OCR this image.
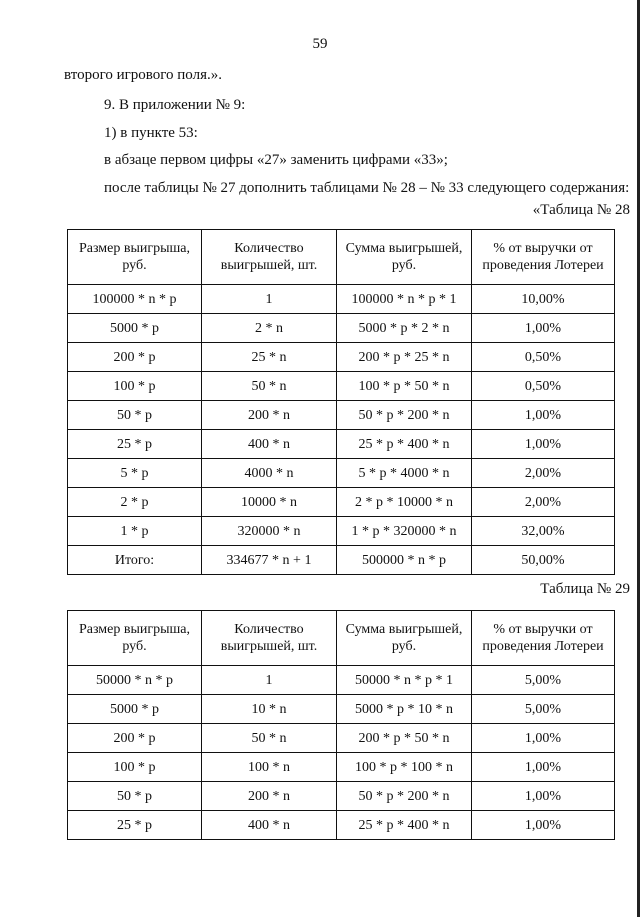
59
второго игрового поля.».
9. В приложении № 9:
1) в пункте 53:
в абзаце первом цифры «27» заменить цифрами «33»;
после таблицы № 27 дополнить таблицами № 28 – № 33 следующего содержания:
«Таблица № 28
Размер выигрыша, руб.	Количество выигрышей, шт.	Сумма выигрышей, руб.	% от выручки от проведения Лотереи
100000 * n * p	1	100000 * n * p * 1	10,00%
5000 * p	2 * n	5000 * p * 2 * n	1,00%
200 * p	25 * n	200 * p * 25 * n	0,50%
100 * p	50 * n	100 * p * 50 * n	0,50%
50 * p	200 * n	50 * p * 200 * n	1,00%
25 * p	400 * n	25 * p * 400 * n	1,00%
5 * p	4000 * n	5 * p * 4000 * n	2,00%
2 * p	10000 * n	2 * p * 10000 * n	2,00%
1 * p	320000 * n	1 * p * 320000 * n	32,00%
Итого:	334677 * n + 1	500000 * n * p	50,00%
Таблица № 29
Размер выигрыша, руб.	Количество выигрышей, шт.	Сумма выигрышей, руб.	% от выручки от проведения Лотереи
50000 * n * p	1	50000 * n * p * 1	5,00%
5000 * p	10 * n	5000 * p * 10 * n	5,00%
200 * p	50 * n	200 * p * 50 * n	1,00%
100 * p	100 * n	100 * p * 100 * n	1,00%
50 * p	200 * n	50 * p * 200 * n	1,00%
25 * p	400 * n	25 * p * 400 * n	1,00%
